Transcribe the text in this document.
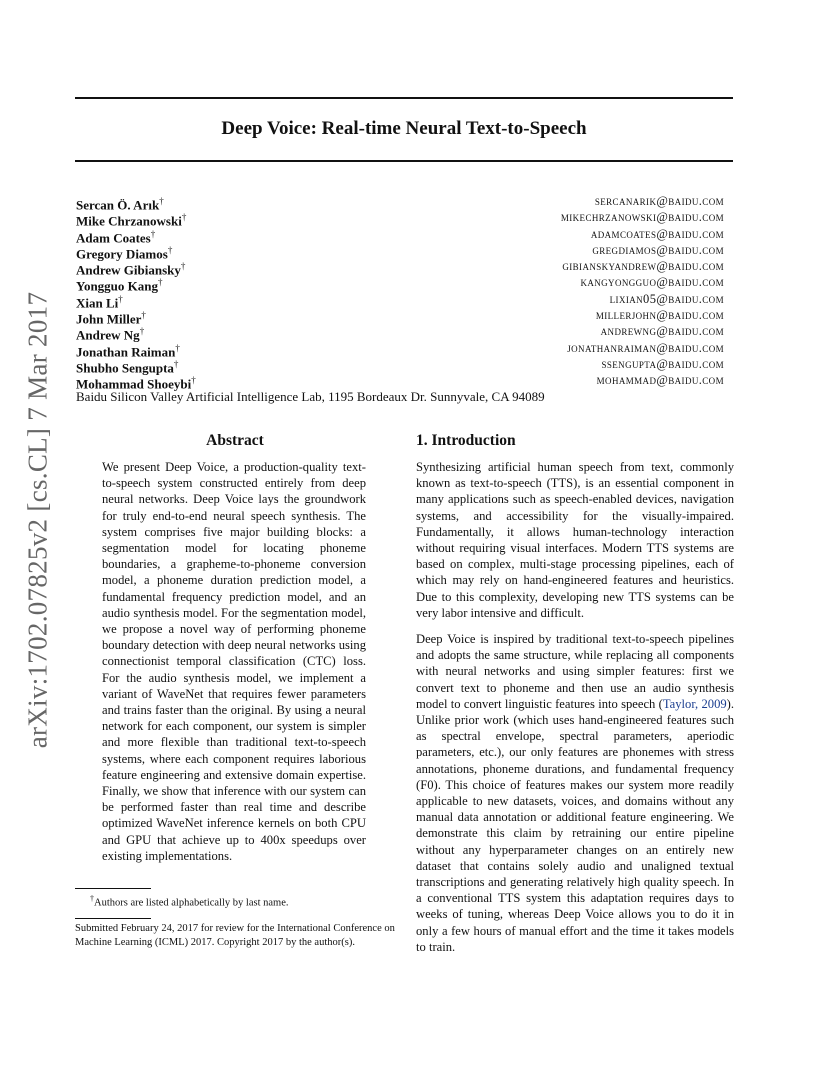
arXiv:1702.07825v2 [cs.CL] 7 Mar 2017
Deep Voice: Real-time Neural Text-to-Speech
Sercan Ö. Arık†	sercanarik@baidu.com
Mike Chrzanowski†	mikechrzanowski@baidu.com
Adam Coates†	adamcoates@baidu.com
Gregory Diamos†	gregdiamos@baidu.com
Andrew Gibiansky†	gibianskyandrew@baidu.com
Yongguo Kang†	kangyongguo@baidu.com
Xian Li†	lixian05@baidu.com
John Miller†	millerjohn@baidu.com
Andrew Ng†	andrewng@baidu.com
Jonathan Raiman†	jonathanraiman@baidu.com
Shubho Sengupta†	ssengupta@baidu.com
Mohammad Shoeybi†	mohammad@baidu.com
Baidu Silicon Valley Artificial Intelligence Lab, 1195 Bordeaux Dr. Sunnyvale, CA 94089
Abstract
We present Deep Voice, a production-quality text-to-speech system constructed entirely from deep neural networks. Deep Voice lays the groundwork for truly end-to-end neural speech synthesis. The system comprises five major building blocks: a segmentation model for locating phoneme boundaries, a grapheme-to-phoneme conversion model, a phoneme duration prediction model, a fundamental frequency prediction model, and an audio synthesis model. For the segmentation model, we propose a novel way of performing phoneme boundary detection with deep neural networks using connectionist temporal classification (CTC) loss. For the audio synthesis model, we implement a variant of WaveNet that requires fewer parameters and trains faster than the original. By using a neural network for each component, our system is simpler and more flexible than traditional text-to-speech systems, where each component requires laborious feature engineering and extensive domain expertise. Finally, we show that inference with our system can be performed faster than real time and describe optimized WaveNet inference kernels on both CPU and GPU that achieve up to 400x speedups over existing implementations.
†Authors are listed alphabetically by last name.
Submitted February 24, 2017 for review for the International Conference on Machine Learning (ICML) 2017. Copyright 2017 by the author(s).
1. Introduction

Synthesizing artificial human speech from text, commonly known as text-to-speech (TTS), is an essential component in many applications such as speech-enabled devices, navigation systems, and accessibility for the visually-impaired. Fundamentally, it allows human-technology interaction without requiring visual interfaces. Modern TTS systems are based on complex, multi-stage processing pipelines, each of which may rely on hand-engineered features and heuristics. Due to this complexity, developing new TTS systems can be very labor intensive and difficult.

Deep Voice is inspired by traditional text-to-speech pipelines and adopts the same structure, while replacing all components with neural networks and using simpler features: first we convert text to phoneme and then use an audio synthesis model to convert linguistic features into speech (Taylor, 2009). Unlike prior work (which uses hand-engineered features such as spectral envelope, spectral parameters, aperiodic parameters, etc.), our only features are phonemes with stress annotations, phoneme durations, and fundamental frequency (F0). This choice of features makes our system more readily applicable to new datasets, voices, and domains without any manual data annotation or additional feature engineering. We demonstrate this claim by retraining our entire pipeline without any hyperparameter changes on an entirely new dataset that contains solely audio and unaligned textual transcriptions and generating relatively high quality speech. In a conventional TTS system this adaptation requires days to weeks of tuning, whereas Deep Voice allows you to do it in only a few hours of manual effort and the time it takes models to train.
